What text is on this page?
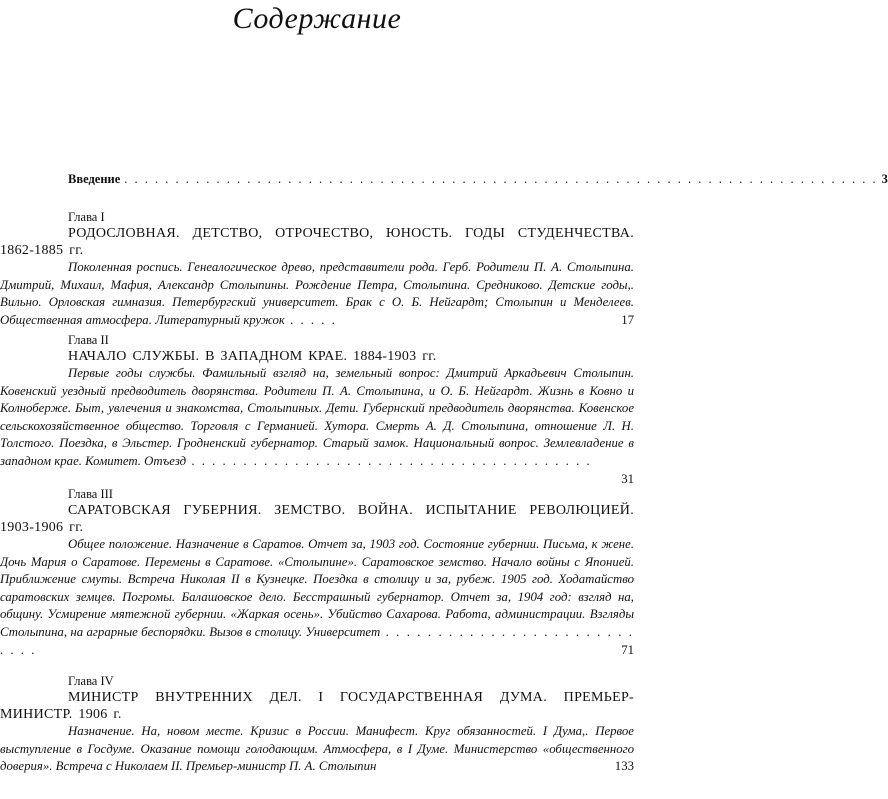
Содержание
Введение . . . . . . . . . . . . . . . . . . . . . . . . . . . . . . . . . . . . . . . . . . . . . . . . . . . . . . . . . . . . . . . . . . . . . . . . . . 3
Глава I
РОДОСЛОВНАЯ. ДЕТСТВО, ОТРОЧЕСТВО, ЮНОСТЬ. ГОДЫ СТУДЕНЧЕСТВА. 1862-1885 гг.
Поколенная роспись. Генеалогическое древо, представители рода. Герб. Родители П. А. Столыпина. Дмитрий, Михаил, Мафия, Александр Столыпины. Рождение Петра, Столыпина. Средниково. Детские годы,. Вильно. Орловская гимназия. Петербургский университет. Брак с О. Б. Нейгардт; Столыпин и Менделеев. Общественная атмосфера. Литературный кружок . . . . .	17
Глава II
НАЧАЛО СЛУЖБЫ. В ЗАПАДНОМ КРАЕ. 1884-1903 гг.
Первые годы службы. Фамильный взгляд на, земельный вопрос: Дмитрий Аркадьевич Столыпин. Ковенский уездный предводитель дворянства. Родители П. А. Столыпина, и О. Б. Нейгардт. Жизнь в Ковно и Колноберже. Быт, увлечения и знакомства, Столыпиных. Дети. Губернский предводитель дворянства. Ковенское сельскохозяйственное общество. Торговля с Германией. Хутора. Смерть А. Д. Столыпина, отношение Л. Н. Толстого. Поездка, в Эльстер. Гродненский губернатор. Старый замок. Национальный вопрос. Землевладение в западном крае. Комитет. Отъезд . . . . . . . . . . . . . . . . . . . . . . . . . . . . . . . . . . . . . . .
31
Глава III
САРАТОВСКАЯ ГУБЕРНИЯ. ЗЕМСТВО. ВОЙНА. ИСПЫТАНИЕ РЕВОЛЮЦИЕЙ. 1903-1906 гг.
Общее положение. Назначение в Саратов. Отчет за, 1903 год. Состояние губернии. Письма, к жене. Дочь Мария о Саратове. Перемены в Саратове. «Столыпине». Саратовское земство. Начало войны с Японией. Приближение смуты. Встреча Николая II в Кузнецке. Поездка в столицу и за, рубеж. 1905 год. Ходатайство саратовских земцев. Погромы. Балашовское дело. Бесстрашный губернатор. Отчет за, 1904 год: взгляд на, общину. Усмирение мятежной губернии. «Жаркая осень». Убийство Сахарова. Работа, администрации. Взгляды Столыпина, на аграрные беспорядки. Вызов в столицу. Университет . . . . . . . . . . . . . . . . . . . . . . . . . . . .	71
Глава IV
МИНИСТР ВНУТРЕННИХ ДЕЛ. I ГОСУДАРСТВЕННАЯ ДУМА. ПРЕМЬЕР-МИНИСТР. 1906 г.
Назначение. На, новом месте. Кризис в России. Манифест. Круг обязанностей. I Дума,. Первое выступление в Госдуме. Оказание помощи голодающим. Атмосфера, в I Думе. Министерство «общественного доверия». Встреча с Николаем II. Премьер-министр П. А. Столыпин	133
